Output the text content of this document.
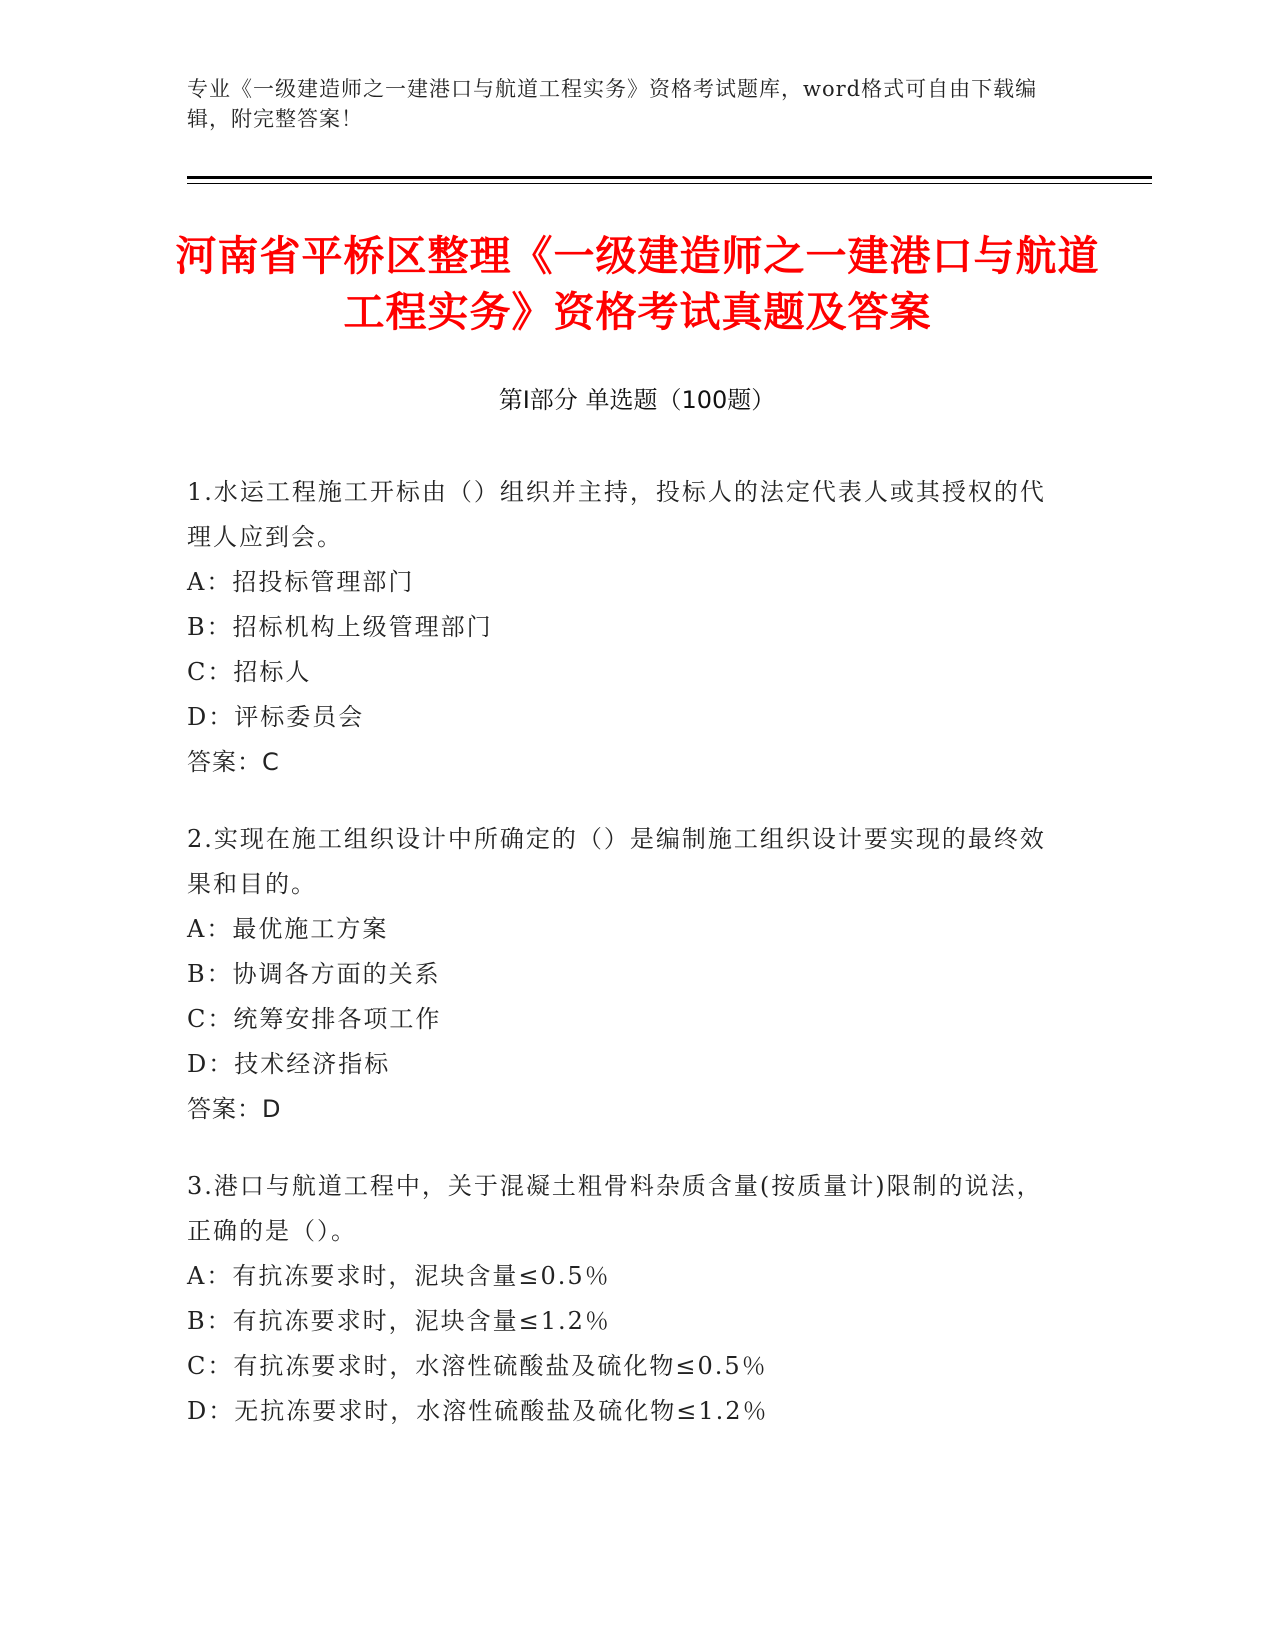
专业《一级建造师之一建港口与航道工程实务》资格考试题库，word格式可自由下载编辑，附完整答案！
河南省平桥区整理《一级建造师之一建港口与航道工程实务》资格考试真题及答案
第Ⅰ部分 单选题（100题）
1.水运工程施工开标由（）组织并主持，投标人的法定代表人或其授权的代理人应到会。
A：招投标管理部门
B：招标机构上级管理部门
C：招标人
D：评标委员会
答案：C
2.实现在施工组织设计中所确定的（）是编制施工组织设计要实现的最终效果和目的。
A：最优施工方案
B：协调各方面的关系
C：统筹安排各项工作
D：技术经济指标
答案：D
3.港口与航道工程中，关于混凝土粗骨料杂质含量(按质量计)限制的说法，正确的是（）。
A：有抗冻要求时，泥块含量≤0.5％
B：有抗冻要求时，泥块含量≤1.2％
C：有抗冻要求时，水溶性硫酸盐及硫化物≤0.5％
D：无抗冻要求时，水溶性硫酸盐及硫化物≤1.2％
